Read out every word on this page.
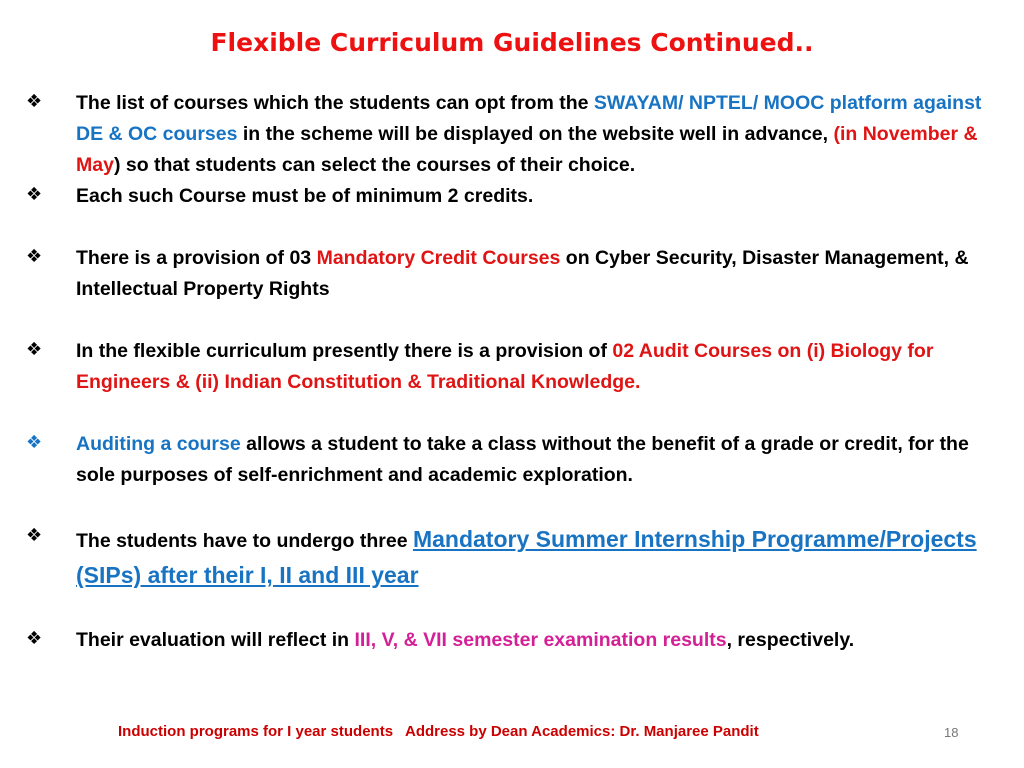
Flexible Curriculum Guidelines Continued..
❖ The list of courses which the students can opt from the SWAYAM/ NPTEL/ MOOC platform against DE & OC courses in the scheme will be displayed on the website well in advance, (in November & May) so that students can select the courses of their choice.
❖ Each such Course must be of minimum 2 credits.
❖ There is a provision of 03 Mandatory Credit Courses on Cyber Security, Disaster Management, & Intellectual Property Rights
❖ In the flexible curriculum presently there is a provision of 02 Audit Courses on (i) Biology for Engineers & (ii) Indian Constitution & Traditional Knowledge.
❖ Auditing a course allows a student to take a class without the benefit of a grade or credit, for the sole purposes of self-enrichment and academic exploration.
❖ The students have to undergo three Mandatory Summer Internship Programme/Projects (SIPs) after their I, II and III year
❖ Their evaluation will reflect in III, V, & VII semester examination results, respectively.
Induction programs for I year students   Address by Dean Academics: Dr. Manjaree Pandit	18
